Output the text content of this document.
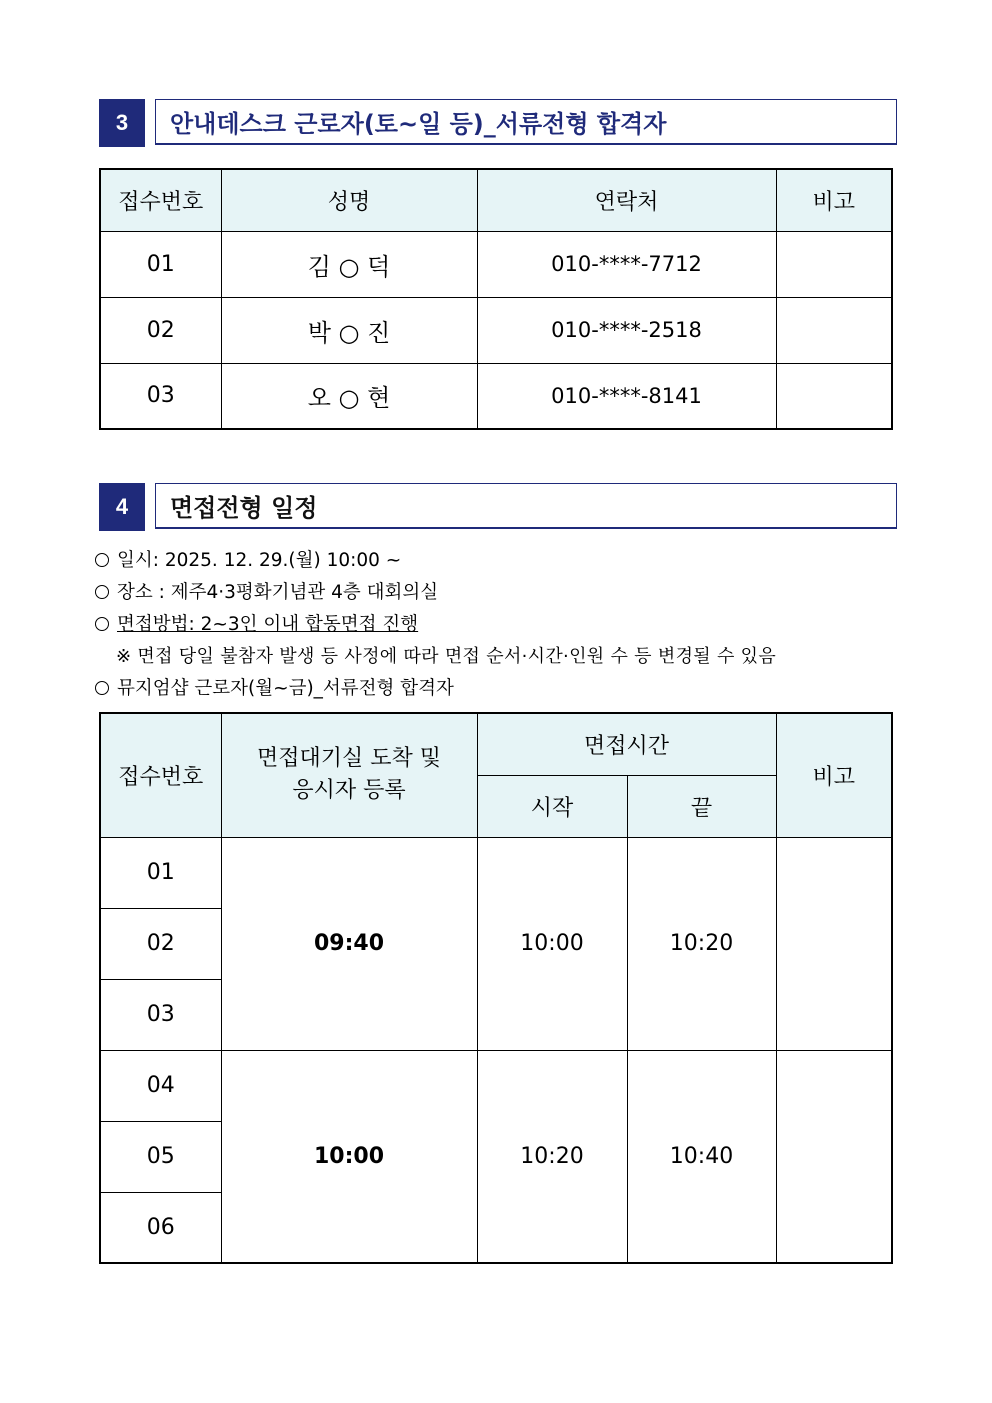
3	안내데스크 근로자(토~일 등)_서류전형 합격자
접수번호	성명	연락처	비고
01	김 ○ 덕	010-****-7712	
02	박 ○ 진	010-****-2518	
03	오 ○ 현	010-****-8141	
4	면접전형 일정
일시: 2025. 12. 29.(월) 10:00 ~
장소 : 제주4·3평화기념관 4층 대회의실
면접방법: 2~3인 이내 합동면접 진행
※ 면접 당일 불참자 발생 등 사정에 따라 면접 순서·시간·인원 수 등 변경될 수 있음
뮤지엄샵 근로자(월~금)_서류전형 합격자
접수번호	면접대기실 도착 및 응시자 등록	면접시간		비고
		시작	끝	
01	09:40	10:00	10:20	
02				
03				
04	10:00	10:20	10:40	
05				
06				
